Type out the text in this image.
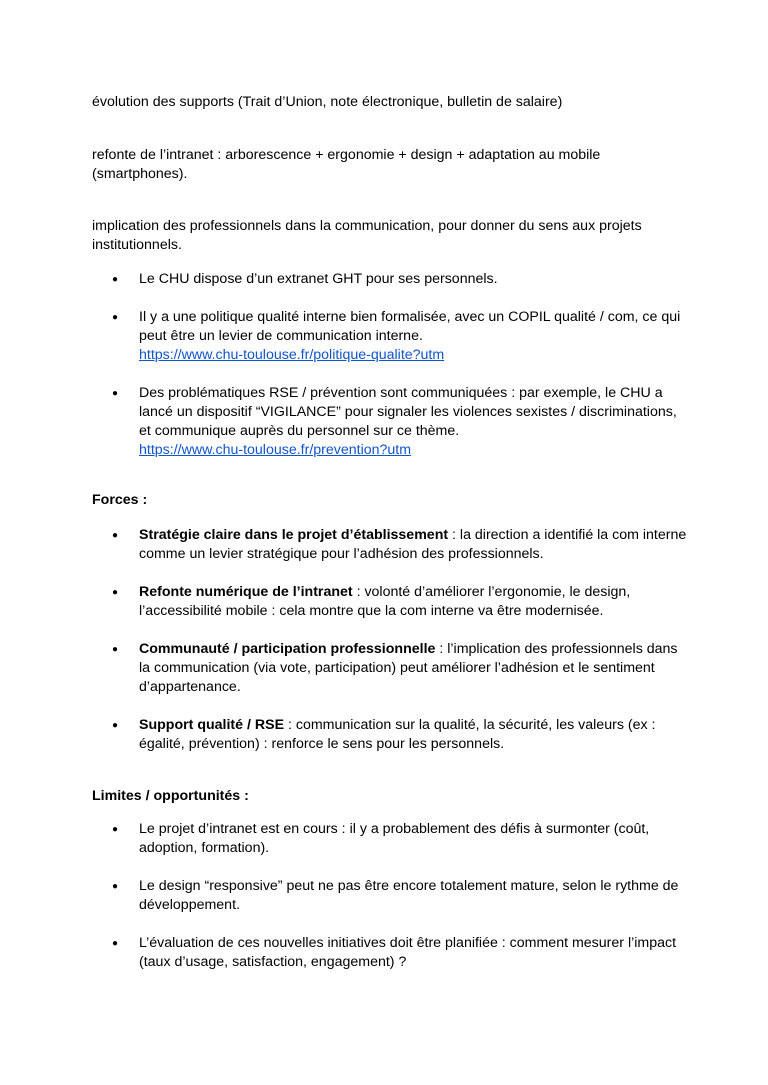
évolution des supports (Trait d’Union, note électronique, bulletin de salaire)

refonte de l’intranet : arborescence + ergonomie + design + adaptation au mobile (smartphones).

implication des professionnels dans la communication, pour donner du sens aux projets institutionnels.

● Le CHU dispose d’un extranet GHT pour ses personnels.
● Il y a une politique qualité interne bien formalisée, avec un COPIL qualité / com, ce qui peut être un levier de communication interne.
https://www.chu-toulouse.fr/politique-qualite?utm
● Des problématiques RSE / prévention sont communiquées : par exemple, le CHU a lancé un dispositif “VIGILANCE” pour signaler les violences sexistes / discriminations, et communique auprès du personnel sur ce thème.
https://www.chu-toulouse.fr/prevention?utm

Forces :

● Stratégie claire dans le projet d’établissement : la direction a identifié la com interne comme un levier stratégique pour l’adhésion des professionnels.
● Refonte numérique de l’intranet : volonté d’améliorer l’ergonomie, le design, l’accessibilité mobile : cela montre que la com interne va être modernisée.
● Communauté / participation professionnelle : l’implication des professionnels dans la communication (via vote, participation) peut améliorer l’adhésion et le sentiment d’appartenance.
● Support qualité / RSE : communication sur la qualité, la sécurité, les valeurs (ex : égalité, prévention) : renforce le sens pour les personnels.

Limites / opportunités :

● Le projet d’intranet est en cours : il y a probablement des défis à surmonter (coût, adoption, formation).
● Le design “responsive” peut ne pas être encore totalement mature, selon le rythme de développement.
● L’évaluation de ces nouvelles initiatives doit être planifiée : comment mesurer l’impact (taux d’usage, satisfaction, engagement) ?
